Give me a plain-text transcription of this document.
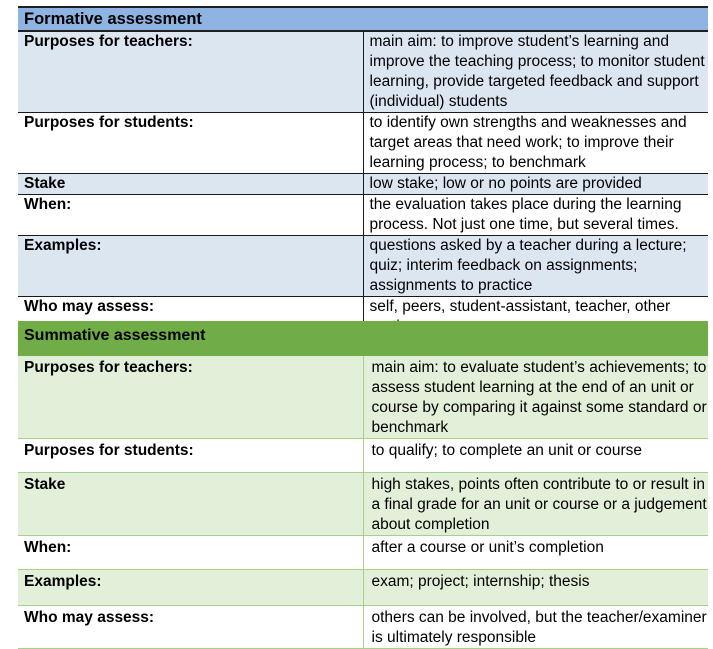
Formative assessment	
Purposes for teachers:	main aim: to improve student’s learning and improve the teaching process; to monitor student learning, provide targeted feedback and support (individual) students
Purposes for students:	to identify own strengths and weaknesses and target areas that need work; to improve their learning process; to benchmark
Stake	low stake; low or no points are provided
When:	the evaluation takes place during the learning process. Not just one time, but several times.
Examples:	questions asked by a teacher during a lecture; quiz; interim feedback on assignments; assignments to practice
Who may assess:	self, peers, student-assistant, teacher, other
Summative assessment	
Purposes for teachers:	main aim: to evaluate student’s achievements; to assess student learning at the end of an unit or course by comparing it against some standard or benchmark
Purposes for students:	to qualify; to complete an unit or course
Stake	high stakes, points often contribute to or result in a final grade for an unit or course or a judgement about completion
When:	after a course or unit’s completion
Examples:	exam; project; internship; thesis
Who may assess:	others can be involved, but the teacher/examiner is ultimately responsible
